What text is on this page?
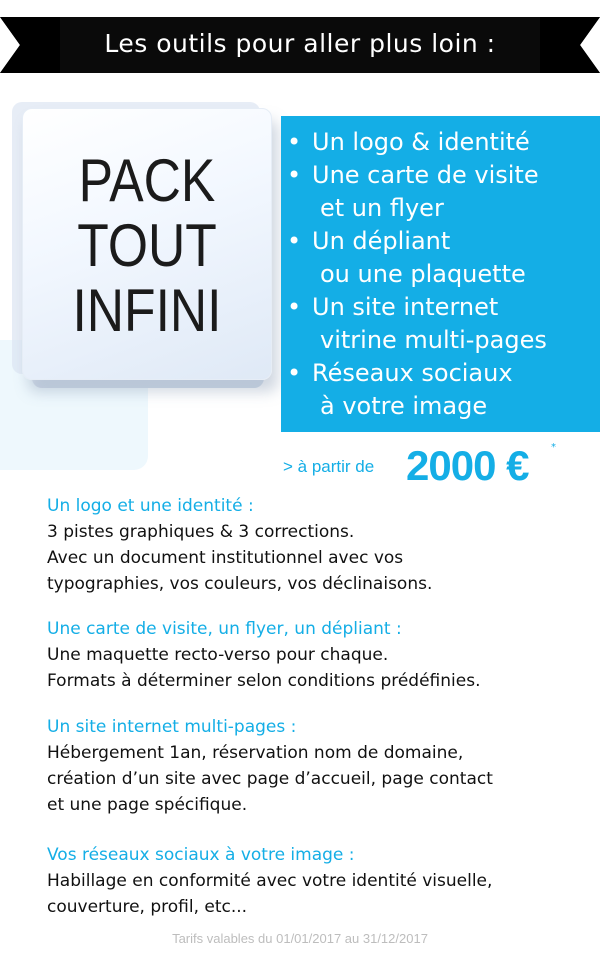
Les outils pour aller plus loin :
PACK
TOUT
INFINI
• Un logo & identité
• Une carte de visite
et un flyer
• Un dépliant
ou une plaquette
• Un site internet
vitrine multi-pages
• Réseaux sociaux
à votre image
> à partir de 2000 € *
Un logo et une identité :
3 pistes graphiques & 3 corrections.
Avec un document institutionnel avec vos
typographies, vos couleurs, vos déclinaisons.
Une carte de visite, un flyer, un dépliant :
Une maquette recto-verso pour chaque.
Formats à déterminer selon conditions prédéfinies.
Un site internet multi-pages :
Hébergement 1an, réservation nom de domaine,
création d’un site avec page d’accueil, page contact
et une page spécifique.
Vos réseaux sociaux à votre image :
Habillage en conformité avec votre identité visuelle,
couverture, profil, etc...
Tarifs valables du 01/01/2017 au 31/12/2017
